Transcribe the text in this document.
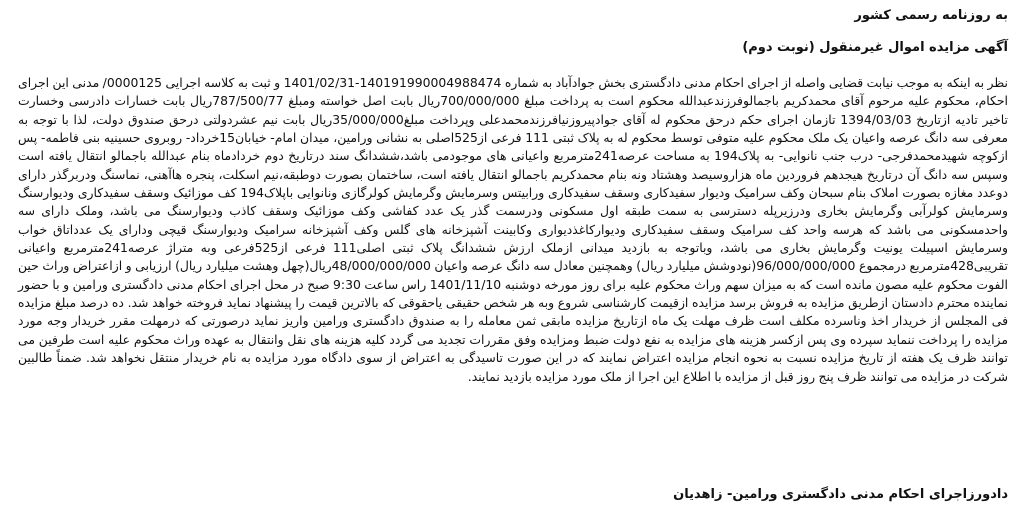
به روزنامه رسمی کشور
آگهی مزایده اموال غیرمنقول (نوبت دوم)
نظر به اینکه به موجب نیابت قضایی واصله از اجرای احکام مدنی دادگستری بخش جوادآباد به شماره 140191990004988474-1401/02/31 و ثبت به کلاسه اجرایی 0000125/ مدنی این اجرای احکام، محکوم علیه مرحوم آقای محمدکریم باجمالوفرزندعبدالله محکوم است به پرداخت مبلغ 700/000/000ریال بابت اصل خواسته ومبلغ 787/500/77ریال بابت خسارات دادرسی وخسارت تاخیر تادیه ازتاریخ 1394/03/03 تازمان اجرای حکم درحق محکوم له آقای جوادپیروزنیافرزندمحمدعلی وپرداخت مبلغ35/000/000ریال بابت نیم عشردولتی درحق صندوق دولت، لذا با توجه به معرفی سه دانگ عرصه واعیان یک ملک محکوم علیه متوفی توسط محکوم له به پلاک ثبتی 111 فرعی از525اصلی به نشانی ورامین، میدان امام- خیابان15خرداد- روبروی حسینیه بنی فاطمه- پس ازکوچه شهیدمحمدفرجی- درب جنب نانوایی- به پلاک194 به مساحت عرصه241مترمربع واعیانی های موجودمی باشد،ششدانگ سند درتاریخ دوم خردادماه بنام عبدالله باجمالو انتقال یافته است وسپس سه دانگ آن درتاریخ هیجدهم فروردین ماه هزاروسیصد وهشتاد ونه بنام محمدکریم باجمالو انتقال یافته است، ساختمان بصورت دوطبقه،نیم اسکلت، پنجره هاآهنی، نماسنگ ودربرگذر دارای دوعدد مغازه بصورت املاک بنام سبحان وکف سرامیک ودیوار سفیدکاری وسقف سفیدکاری ورابیتس وسرمایش وگرمایش کولرگازی ونانوایی باپلاک194 کف موزائیک وسقف سفیدکاری ودیوارسنگ وسرمایش کولرآبی وگرمایش بخاری ودرزیرپله دسترسی به سمت طبقه اول مسکونی ودرسمت گذر یک عدد کفاشی وکف موزائیک وسقف کاذب ودیوارسنگ می باشد، وملک دارای سه واحدمسکونی می باشد که هرسه واحد کف سرامیک وسقف سفیدکاری ودیوارکاغذدیواری وکابینت آشپزخانه های گلس وکف آشپزخانه سرامیک ودیوارسنگ قیچی ودارای یک عدداتاق خواب وسرمایش اسپیلت یونیت وگرمایش بخاری می باشد، وباتوجه به بازدید میدانی ازملک ارزش ششدانگ پلاک ثبتی اصلی111 فرعی از525فرعی وبه متراژ عرصه241مترمربع واعیانی تقریبی428مترمربع درمجموع 96/000/000/000(نودوشش میلیارد ریال) وهمچنین معادل سه دانگ عرصه واعیان 48/000/000/000ریال(چهل وهشت میلیارد ریال) ارزیابی و ازاعتراض وراث حین الفوت محکوم علیه مصون مانده است که به میزان سهم وراث محکوم علیه برای روز مورخه دوشنبه 1401/11/10 راس ساعت 9:30 صبح در محل اجرای احکام مدنی دادگستری ورامین و با حضور نماینده محترم دادستان ازطریق مزایده به فروش برسد مزایده ازقیمت کارشناسی شروع وبه هر شخص حقیقی یاحقوقی که بالاترین قیمت را پیشنهاد نماید فروخته خواهد شد. ده درصد مبلغ مزایده فی المجلس از خریدار اخذ وناسرده مکلف است ظرف مهلت یک ماه ازتاریخ مزایده مابقی ثمن معامله را به صندوق دادگستری ورامین واریز نماید درصورتی که درمهلت مقرر خریدار وجه مورد مزایده را پرداخت ننماید سپرده وی پس ازکسر هزینه های مزایده به نفع دولت ضبط ومزایده وفق مقررات تجدید می گردد کلیه هزینه های نقل وانتقال به عهده وراث محکوم علیه است طرفین می توانند ظرف یک هفته از تاریخ مزایده نسبت به نحوه انجام مزایده اعتراض نمایند که در این صورت تاسیدگی به اعتراض از سوی دادگاه مورد مزایده به نام خریدار منتقل نخواهد شد. ضمناً طالبین شرکت در مزایده می توانند ظرف پنج روز قبل از مزایده با اطلاع این اجرا از ملک مورد مزایده بازدید نمایند.
دادورزاجرای احکام مدنی دادگستری ورامین- زاهدیان
